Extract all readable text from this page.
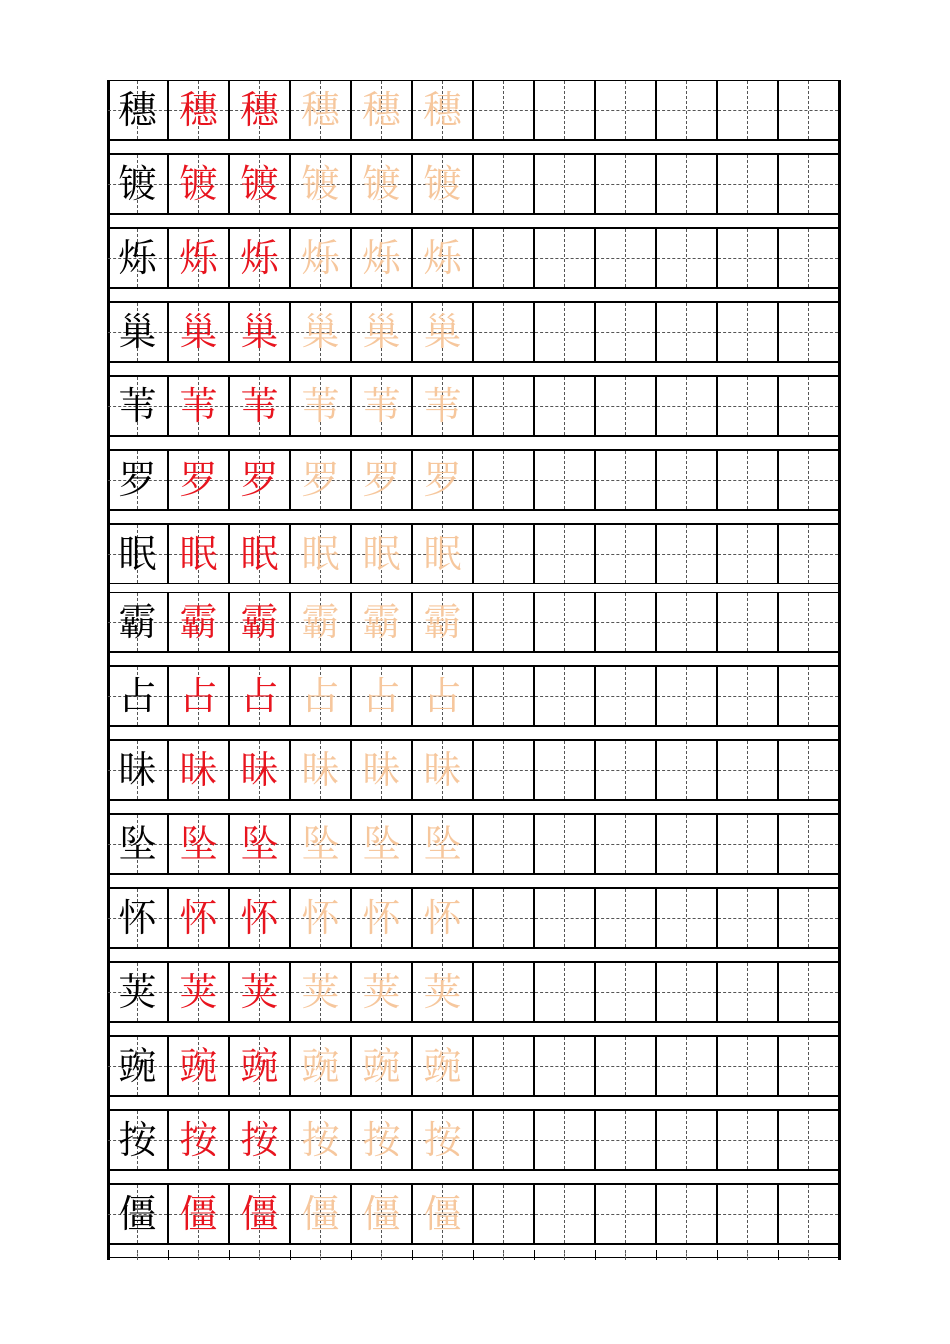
穗 穗 穗 穗 穗 穗
镀 镀 镀 镀 镀 镀
烁 烁 烁 烁 烁 烁
巢 巢 巢 巢 巢 巢
苇 苇 苇 苇 苇 苇
罗 罗 罗 罗 罗 罗
眠 眠 眠 眠 眠 眠
霸 霸 霸 霸 霸 霸
占 占 占 占 占 占
昧 昧 昧 昧 昧 昧
坠 坠 坠 坠 坠 坠
怀 怀 怀 怀 怀 怀
荚 荚 荚 荚 荚 荚
豌 豌 豌 豌 豌 豌
按 按 按 按 按 按
僵 僵 僵 僵 僵 僵
